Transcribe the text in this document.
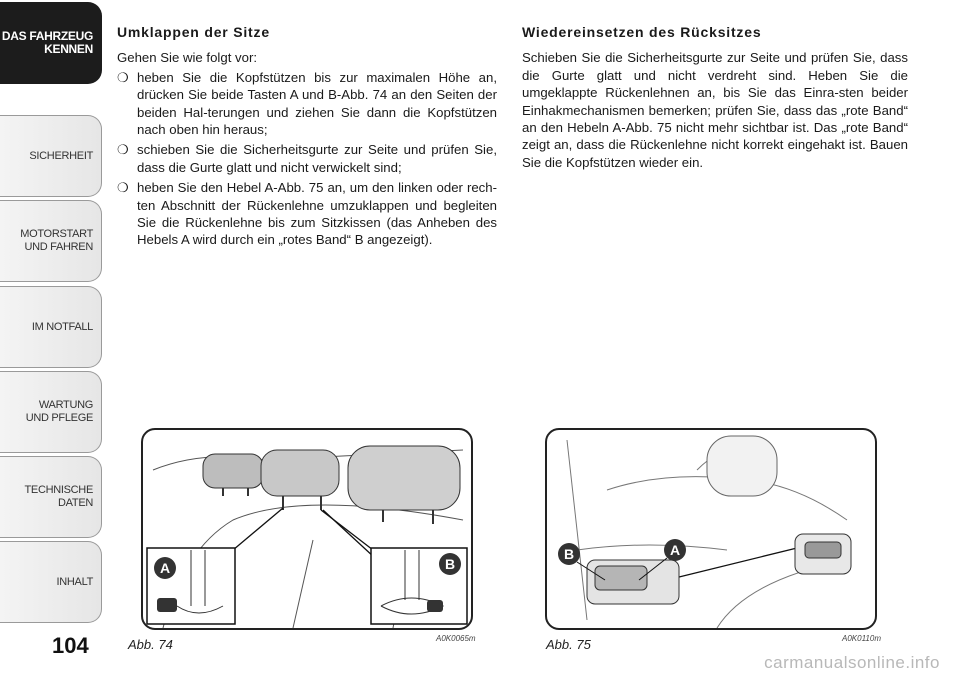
DAS FAHRZEUG
KENNEN
SICHERHEIT
MOTORSTART
UND FAHREN
IM NOTFALL
WARTUNG
UND PFLEGE
TECHNISCHE
DATEN
INHALT
104
Umklappen der Sitze

Gehen Sie wie folgt vor:

❍ heben Sie die Kopfstützen bis zur maximalen Höhe an, drücken Sie beide Tasten A und B-Abb. 74 an den Seiten der beiden Hal-terungen und ziehen Sie dann die Kopfstützen nach oben hin heraus;
❍ schieben Sie die Sicherheitsgurte zur Seite und prüfen Sie, dass die Gurte glatt und nicht verwickelt sind;
❍ heben Sie den Hebel A-Abb. 75 an, um den linken oder rech-ten Abschnitt der Rückenlehne umzuklappen und begleiten Sie die Rückenlehne bis zum Sitzkissen (das Anheben des Hebels A wird durch ein „rotes Band“ B angezeigt).
Wiedereinsetzen des Rücksitzes

Schieben Sie die Sicherheitsgurte zur Seite und prüfen Sie, dass die Gurte glatt und nicht verdreht sind. Heben Sie die umgeklappte Rückenlehnen an, bis Sie das Einra-sten beider Einhakmechanismen bemerken; prüfen Sie, dass das „rote Band“ an den Hebeln A-Abb. 75 nicht mehr sichtbar ist. Das „rote Band“ zeigt an, dass die Rückenlehne nicht korrekt eingehakt ist. Bauen Sie die Kopfstützen wieder ein.

A	B
Abb. 74	A0K0065m
B	A
Abb. 75	A0K0110m
carmanualsonline.info
